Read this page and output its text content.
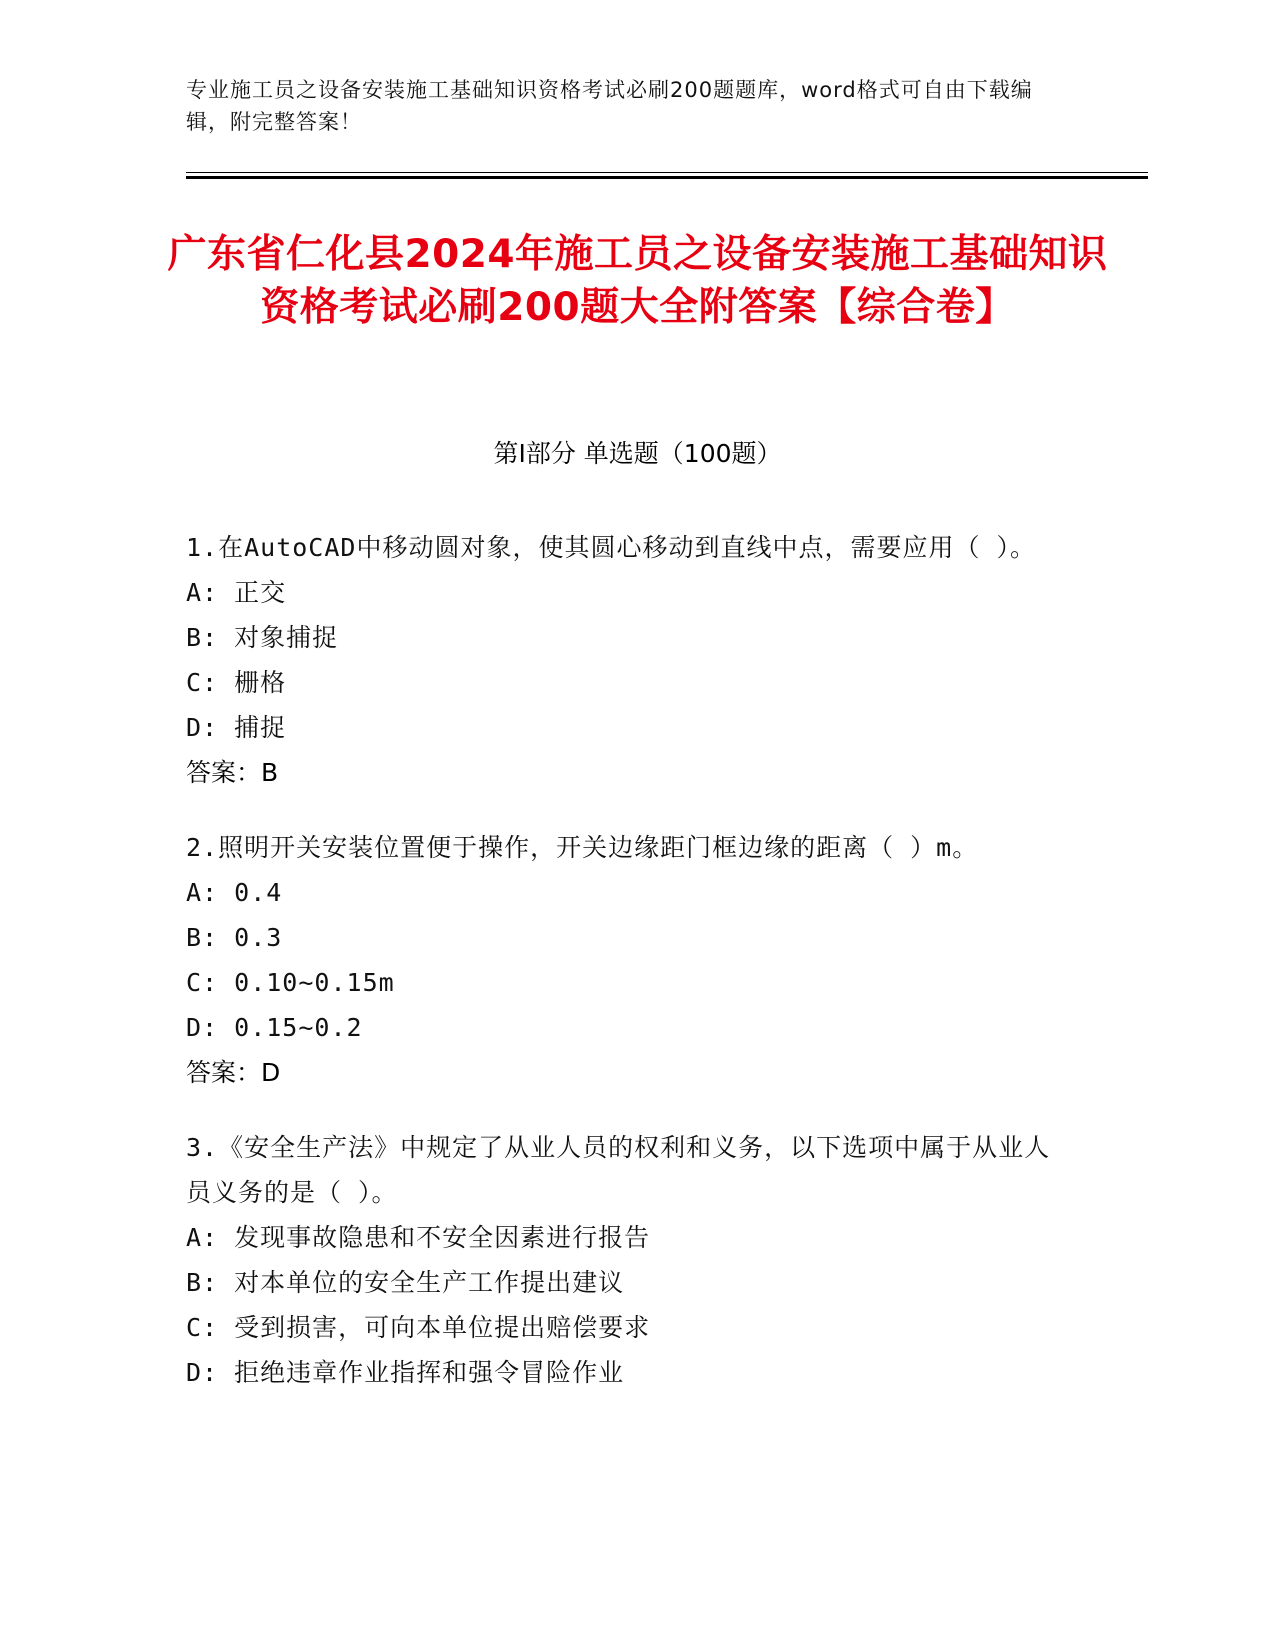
专业施工员之设备安装施工基础知识资格考试必刷200题题库，word格式可自由下载编辑，附完整答案！
广东省仁化县2024年施工员之设备安装施工基础知识资格考试必刷200题大全附答案【综合卷】
第Ⅰ部分 单选题（100题）

1.在AutoCAD中移动圆对象，使其圆心移动到直线中点，需要应用（ ）。

A: 正交

B: 对象捕捉

C: 栅格

D: 捕捉

答案：B

2.照明开关安装位置便于操作，开关边缘距门框边缘的距离（ ）m。

A: 0.4

B: 0.3

C: 0.10~0.15m

D: 0.15~0.2

答案：D

3.《安全生产法》中规定了从业人员的权利和义务，以下选项中属于从业人员义务的是（ ）。

A: 发现事故隐患和不安全因素进行报告

B: 对本单位的安全生产工作提出建议

C: 受到损害，可向本单位提出赔偿要求

D: 拒绝违章作业指挥和强令冒险作业
